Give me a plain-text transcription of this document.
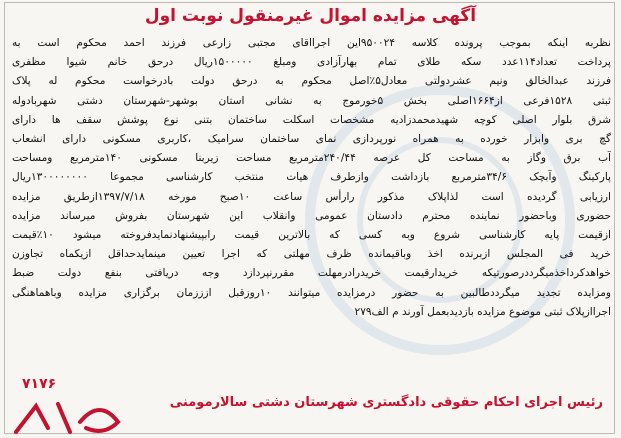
آگهی مزایده اموال غیرمنقول نوبت اول
نظربه اینکه بموجب پرونده کلاسه ۹۵۰۰۲۴این اجرااقای مجتبی زارعی فرزند احمد محکوم است به
پرداخت تعداد۱۱۴عدد سکه طلای تمام بهارآزادی ومبلغ ۱۵۰۰۰۰۰ریال درحق خانم شیوا مظفری
فرزند عبدالخالق ونیم عشردولتی معادل۵٪اصل محکوم به درحق دولت بادرخواست محکوم له پلاک
ثبتی ۱۵۲۸فرعی از۱۶۶۴اصلی بخش ۵خورموج به نشانی استان بوشهر-شهرستان دشتی شهربادوله
شرق بلوار اصلی کوچه شهیدمحمدزادیه مشخصات اسکلت ساختمان بتنی نوع پوشش سقف ها دارای
گچ بری وابزار خورده به همراه نورپردازی نمای ساختمان سرامیک ،کاربری مسکونی دارای انشعاب
آب برق وگاز به مساحت کل عرصه ۲۴۰/۴۴مترمربع مساحت زیربنا مسکونی ۱۴۰مترمربع ومساحت
پارکینگ وآبچک ۳۴/۶مترمربع بازداشت وازطرف هیات منتخب کارشناسی مجموعا ۱۳۰۰۰۰۰۰۰۰ریال
ارزیابی گردیده است لذاپلاک مذکور رارأس ساعت ۱۰صبح مورخه ۱۳۹۷/۷/۱۸ازطریق مزایده
حضوری وباحضور نماینده محترم دادستان عمومی وانقلاب این شهرستان بفروش میرساند مزایده
ازقیمت پایه کارشناسی شروع وبه کسی که بالاترین قیمت رابپیشنهادنمایدفروخته میشود ۱۰٪قیمت
خرید فی المجلس ازبرنده اخذ وباقیمانده ظرف مهلتی که اجرا تعیین مینمایدحداقل ازیکماه تجاوزن
خواهدکرداخذمیگرددرصورتیکه خریدارقیمت خریدرادرمهلت مقررنپردازد وجه دریافتی بنفع دولت ضبط
ومزایده تجدید میگرددطالبین به حضور درمزایده میتوانند ۱۰روزقبل ازززمان برگزاری مزایده وباهماهنگی
اجراازپلاک ثبتی موضوع مزایده بازدیدبعمل آورند م الف۲۷۹
۷۱۷۶
رئیس اجرای احکام حقوقی دادگستری شهرستان دشتی سالارمومنی
